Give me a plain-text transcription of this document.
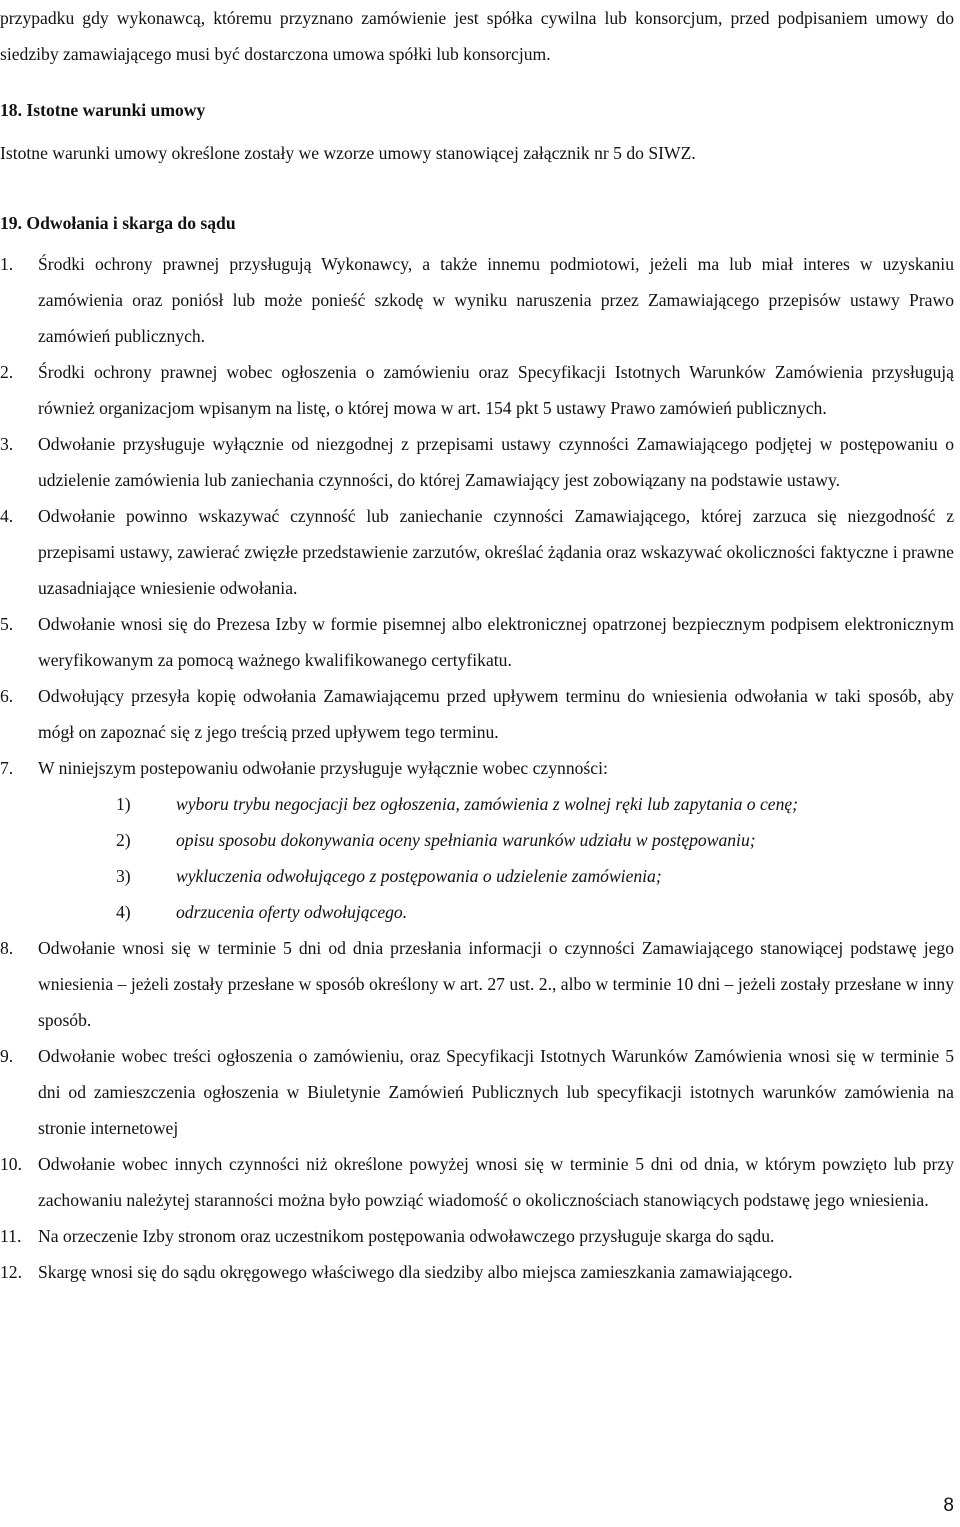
przypadku gdy wykonawcą, któremu przyznano zamówienie jest spółka cywilna lub konsorcjum, przed podpisaniem umowy do siedziby zamawiającego musi być dostarczona umowa spółki lub konsorcjum.

18. Istotne warunki umowy

Istotne warunki umowy określone zostały we wzorze umowy stanowiącej załącznik nr 5 do SIWZ.

19. Odwołania i skarga do sądu
1. Środki ochrony prawnej przysługują Wykonawcy, a także innemu podmiotowi, jeżeli ma lub miał interes w uzyskaniu zamówienia oraz poniósł lub może ponieść szkodę w wyniku naruszenia przez Zamawiającego przepisów ustawy Prawo zamówień publicznych.
2. Środki ochrony prawnej wobec ogłoszenia o zamówieniu oraz Specyfikacji Istotnych Warunków Zamówienia przysługują również organizacjom wpisanym na listę, o której mowa w art. 154 pkt 5 ustawy Prawo zamówień publicznych.
3. Odwołanie przysługuje wyłącznie od niezgodnej z przepisami ustawy czynności Zamawiającego podjętej w postępowaniu o udzielenie zamówienia lub zaniechania czynności, do której Zamawiający jest zobowiązany na podstawie ustawy.
4. Odwołanie powinno wskazywać czynność lub zaniechanie czynności Zamawiającego, której zarzuca się niezgodność z przepisami ustawy, zawierać zwięzłe przedstawienie zarzutów, określać żądania oraz wskazywać okoliczności faktyczne i prawne uzasadniające wniesienie odwołania.
5. Odwołanie wnosi się do Prezesa Izby w formie pisemnej albo elektronicznej opatrzonej bezpiecznym podpisem elektronicznym weryfikowanym za pomocą ważnego kwalifikowanego certyfikatu.
6. Odwołujący przesyła kopię odwołania Zamawiającemu przed upływem terminu do wniesienia odwołania w taki sposób, aby mógł on zapoznać się z jego treścią przed upływem tego terminu.
7. W niniejszym postepowaniu odwołanie przysługuje wyłącznie wobec czynności:
1)	wyboru trybu negocjacji bez ogłoszenia, zamówienia z wolnej ręki lub zapytania o cenę;
2)	opisu sposobu dokonywania oceny spełniania warunków udziału w postępowaniu;
3)	wykluczenia odwołującego z postępowania o udzielenie zamówienia;
4)	odrzucenia oferty odwołującego.
8. Odwołanie wnosi się w terminie 5 dni od dnia przesłania informacji o czynności Zamawiającego stanowiącej podstawę jego wniesienia – jeżeli zostały przesłane w sposób określony w art. 27 ust. 2., albo w terminie 10 dni – jeżeli zostały przesłane w inny sposób.
9. Odwołanie wobec treści ogłoszenia o zamówieniu, oraz Specyfikacji Istotnych Warunków Zamówienia wnosi się w terminie 5 dni od zamieszczenia ogłoszenia w Biuletynie Zamówień Publicznych lub specyfikacji istotnych warunków zamówienia na stronie internetowej
10. Odwołanie wobec innych czynności niż określone powyżej wnosi się w terminie 5 dni od dnia, w którym powzięto lub przy zachowaniu należytej staranności można było powziąć wiadomość o okolicznościach stanowiących podstawę jego wniesienia.
11. Na orzeczenie Izby stronom oraz uczestnikom postępowania odwoławczego przysługuje skarga do sądu.
12. Skargę wnosi się do sądu okręgowego właściwego dla siedziby albo miejsca zamieszkania zamawiającego.
8
